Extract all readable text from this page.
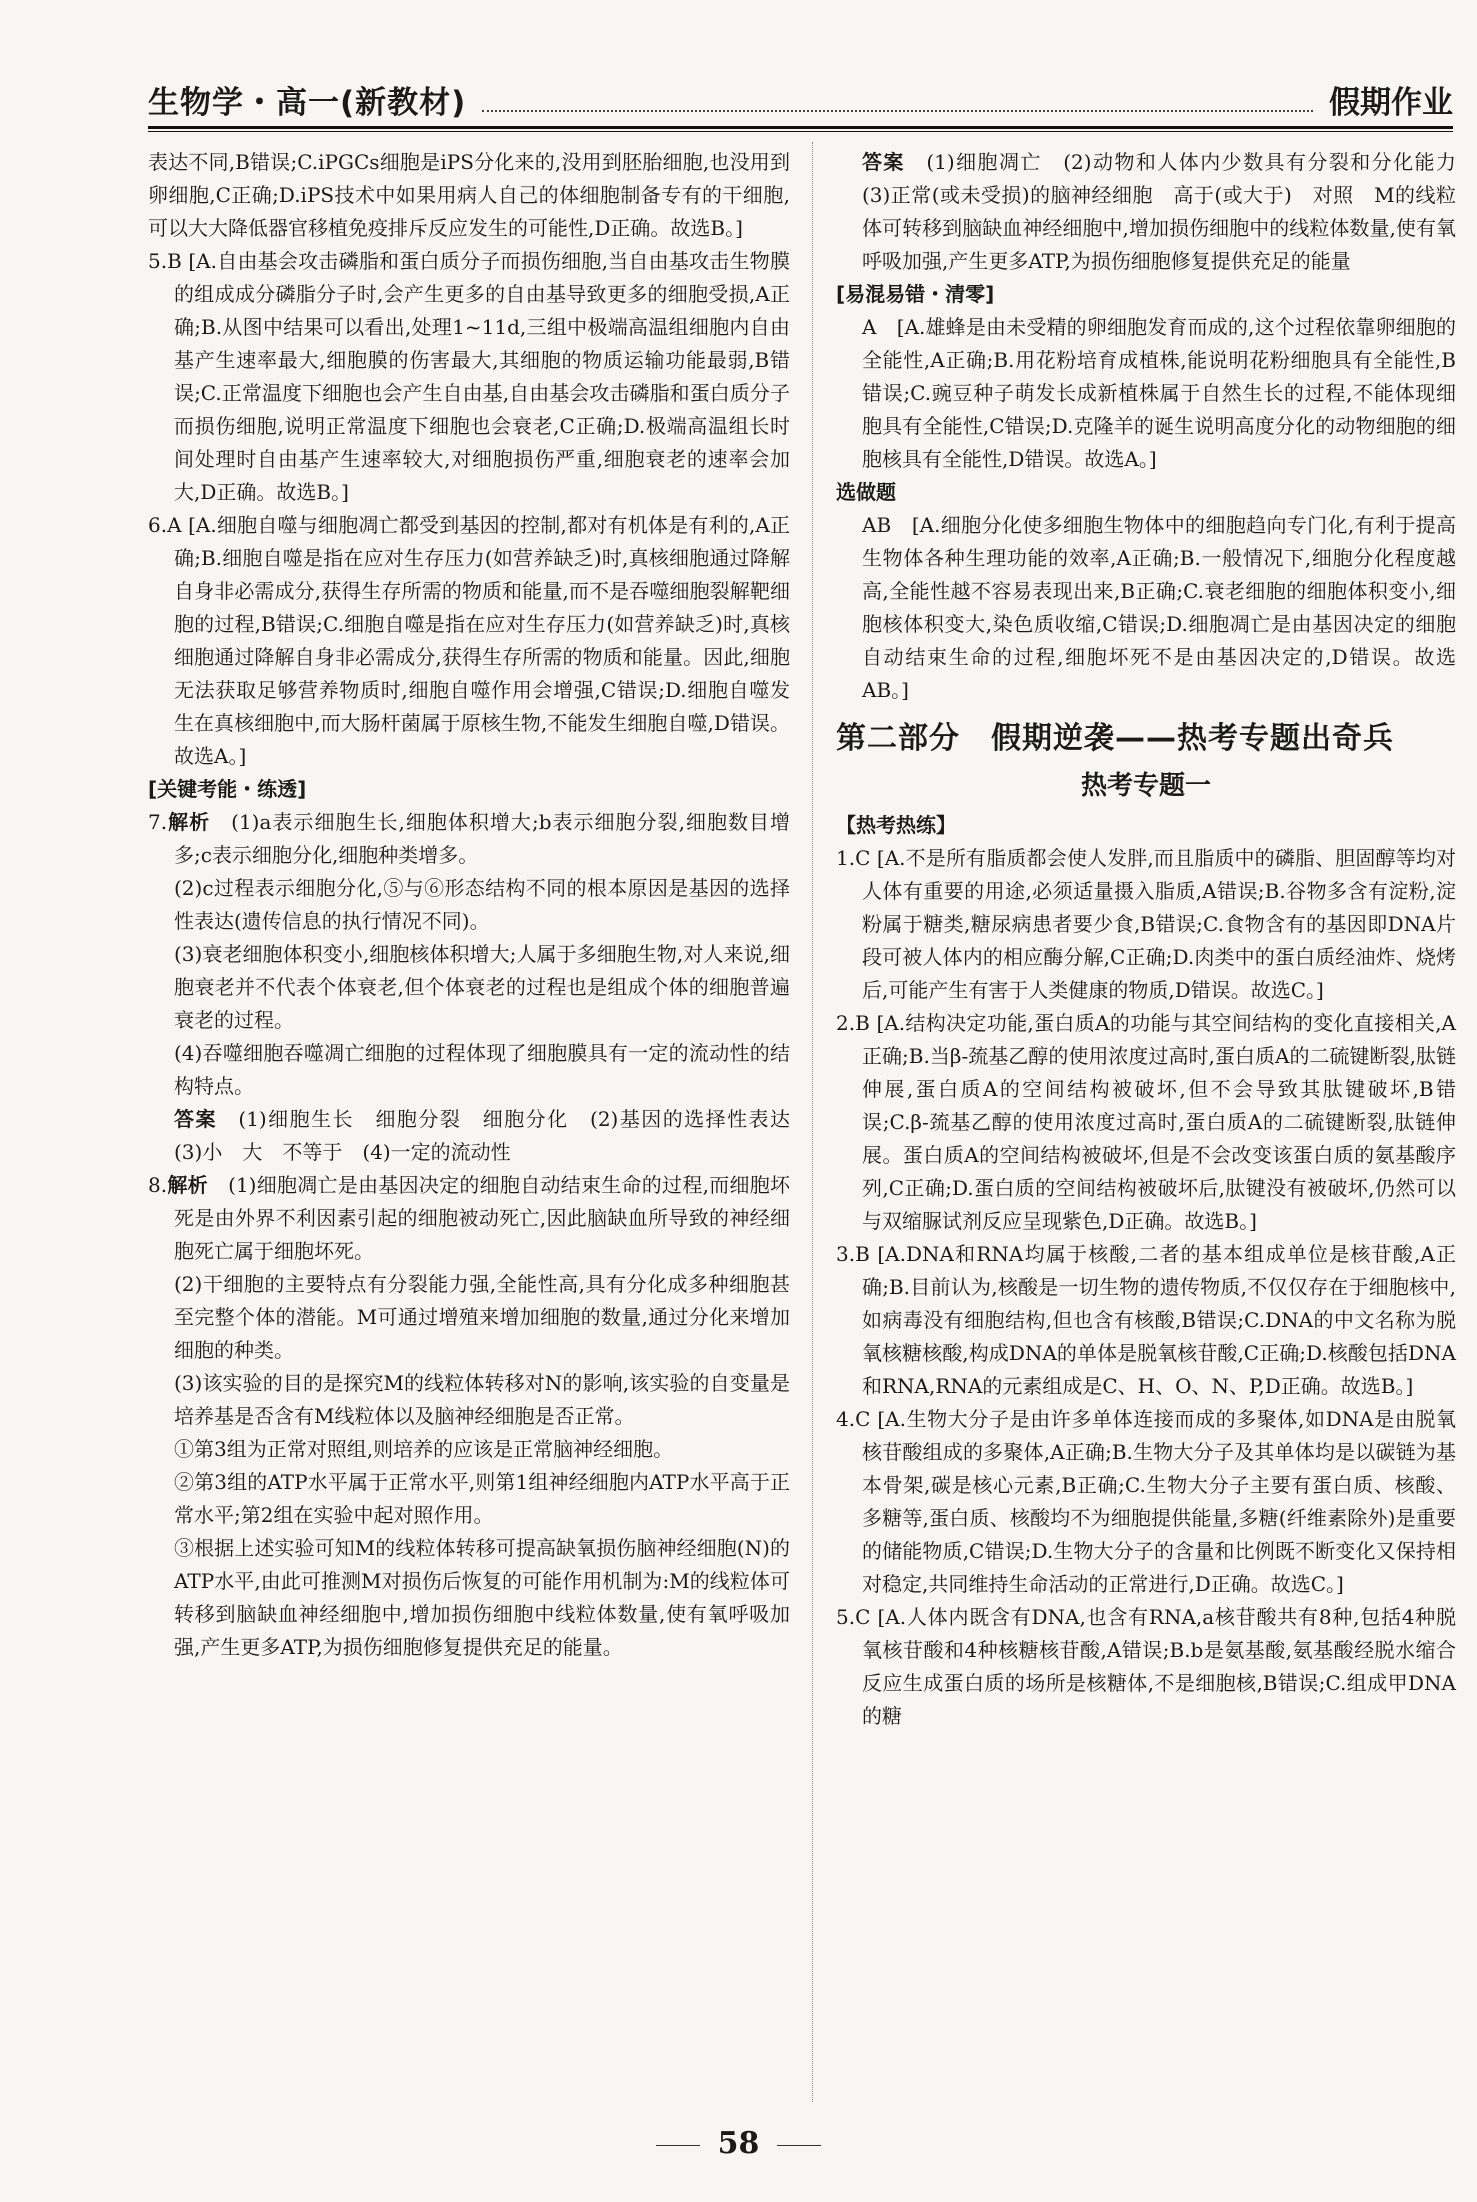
生物学・高一(新教材)	假期作业

表达不同,B错误;C.iPGCs细胞是iPS分化来的,没用到胚胎细胞,也没用到卵细胞,C正确;D.iPS技术中如果用病人自己的体细胞制备专有的干细胞,可以大大降低器官移植免疫排斥反应发生的可能性,D正确。故选B。]

5.B [A.自由基会攻击磷脂和蛋白质分子而损伤细胞,当自由基攻击生物膜的组成成分磷脂分子时,会产生更多的自由基导致更多的细胞受损,A正确;B.从图中结果可以看出,处理1~11d,三组中极端高温组细胞内自由基产生速率最大,细胞膜的伤害最大,其细胞的物质运输功能最弱,B错误;C.正常温度下细胞也会产生自由基,自由基会攻击磷脂和蛋白质分子而损伤细胞,说明正常温度下细胞也会衰老,C正确;D.极端高温组长时间处理时自由基产生速率较大,对细胞损伤严重,细胞衰老的速率会加大,D正确。故选B。]

6.A [A.细胞自噬与细胞凋亡都受到基因的控制,都对有机体是有利的,A正确;B.细胞自噬是指在应对生存压力(如营养缺乏)时,真核细胞通过降解自身非必需成分,获得生存所需的物质和能量,而不是吞噬细胞裂解靶细胞的过程,B错误;C.细胞自噬是指在应对生存压力(如营养缺乏)时,真核细胞通过降解自身非必需成分,获得生存所需的物质和能量。因此,细胞无法获取足够营养物质时,细胞自噬作用会增强,C错误;D.细胞自噬发生在真核细胞中,而大肠杆菌属于原核生物,不能发生细胞自噬,D错误。故选A。]

[关键考能・练透]

7.解析　 (1)a表示细胞生长,细胞体积增大;b表示细胞分裂,细胞数目增多;c表示细胞分化,细胞种类增多。

(2)c过程表示细胞分化,⑤与⑥形态结构不同的根本原因是基因的选择性表达(遗传信息的执行情况不同)。

(3)衰老细胞体积变小,细胞核体积增大;人属于多细胞生物,对人来说,细胞衰老并不代表个体衰老,但个体衰老的过程也是组成个体的细胞普遍衰老的过程。

(4)吞噬细胞吞噬凋亡细胞的过程体现了细胞膜具有一定的流动性的结构特点。

答案　 (1)细胞生长　细胞分裂　细胞分化　(2)基因的选择性表达　(3)小　大　不等于　(4)一定的流动性

8.解析　 (1)细胞凋亡是由基因决定的细胞自动结束生命的过程,而细胞坏死是由外界不利因素引起的细胞被动死亡,因此脑缺血所导致的神经细胞死亡属于细胞坏死。

(2)干细胞的主要特点有分裂能力强,全能性高,具有分化成多种细胞甚至完整个体的潜能。M可通过增殖来增加细胞的数量,通过分化来增加细胞的种类。

(3)该实验的目的是探究M的线粒体转移对N的影响,该实验的自变量是培养基是否含有M线粒体以及脑神经细胞是否正常。

①第3组为正常对照组,则培养的应该是正常脑神经细胞。

②第3组的ATP水平属于正常水平,则第1组神经细胞内ATP水平高于正常水平;第2组在实验中起对照作用。

③根据上述实验可知M的线粒体转移可提高缺氧损伤脑神经细胞(N)的ATP水平,由此可推测M对损伤后恢复的可能作用机制为:M的线粒体可转移到脑缺血神经细胞中,增加损伤细胞中线粒体数量,使有氧呼吸加强,产生更多ATP,为损伤细胞修复提供充足的能量。

答案　 (1)细胞凋亡　(2)动物和人体内少数具有分裂和分化能力　(3)正常(或未受损)的脑神经细胞　高于(或大于)　对照　M的线粒体可转移到脑缺血神经细胞中,增加损伤细胞中的线粒体数量,使有氧呼吸加强,产生更多ATP,为损伤细胞修复提供充足的能量

[易混易错・清零]

A　[A.雄蜂是由未受精的卵细胞发育而成的,这个过程依靠卵细胞的全能性,A正确;B.用花粉培育成植株,能说明花粉细胞具有全能性,B错误;C.豌豆种子萌发长成新植株属于自然生长的过程,不能体现细胞具有全能性,C错误;D.克隆羊的诞生说明高度分化的动物细胞的细胞核具有全能性,D错误。故选A。]

选做题

AB　[A.细胞分化使多细胞生物体中的细胞趋向专门化,有利于提高生物体各种生理功能的效率,A正确;B.一般情况下,细胞分化程度越高,全能性越不容易表现出来,B正确;C.衰老细胞的细胞体积变小,细胞核体积变大,染色质收缩,C错误;D.细胞凋亡是由基因决定的细胞自动结束生命的过程,细胞坏死不是由基因决定的,D错误。故选AB。]

第二部分　假期逆袭——热考专题出奇兵

热考专题一

【热考热练】

1.C [A.不是所有脂质都会使人发胖,而且脂质中的磷脂、胆固醇等均对人体有重要的用途,必须适量摄入脂质,A错误;B.谷物多含有淀粉,淀粉属于糖类,糖尿病患者要少食,B错误;C.食物含有的基因即DNA片段可被人体内的相应酶分解,C正确;D.肉类中的蛋白质经油炸、烧烤后,可能产生有害于人类健康的物质,D错误。故选C。]

2.B [A.结构决定功能,蛋白质A的功能与其空间结构的变化直接相关,A正确;B.当β-巯基乙醇的使用浓度过高时,蛋白质A的二硫键断裂,肽链伸展,蛋白质A的空间结构被破坏,但不会导致其肽键破坏,B错误;C.β-巯基乙醇的使用浓度过高时,蛋白质A的二硫键断裂,肽链伸展。蛋白质A的空间结构被破坏,但是不会改变该蛋白质的氨基酸序列,C正确;D.蛋白质的空间结构被破坏后,肽键没有被破坏,仍然可以与双缩脲试剂反应呈现紫色,D正确。故选B。]

3.B [A.DNA和RNA均属于核酸,二者的基本组成单位是核苷酸,A正确;B.目前认为,核酸是一切生物的遗传物质,不仅仅存在于细胞核中,如病毒没有细胞结构,但也含有核酸,B错误;C.DNA的中文名称为脱氧核糖核酸,构成DNA的单体是脱氧核苷酸,C正确;D.核酸包括DNA和RNA,RNA的元素组成是C、H、O、N、P,D正确。故选B。]

4.C [A.生物大分子是由许多单体连接而成的多聚体,如DNA是由脱氧核苷酸组成的多聚体,A正确;B.生物大分子及其单体均是以碳链为基本骨架,碳是核心元素,B正确;C.生物大分子主要有蛋白质、核酸、多糖等,蛋白质、核酸均不为细胞提供能量,多糖(纤维素除外)是重要的储能物质,C错误;D.生物大分子的含量和比例既不断变化又保持相对稳定,共同维持生命活动的正常进行,D正确。故选C。]

5.C [A.人体内既含有DNA,也含有RNA,a核苷酸共有8种,包括4种脱氧核苷酸和4种核糖核苷酸,A错误;B.b是氨基酸,氨基酸经脱水缩合反应生成蛋白质的场所是核糖体,不是细胞核,B错误;C.组成甲DNA的糖

58
